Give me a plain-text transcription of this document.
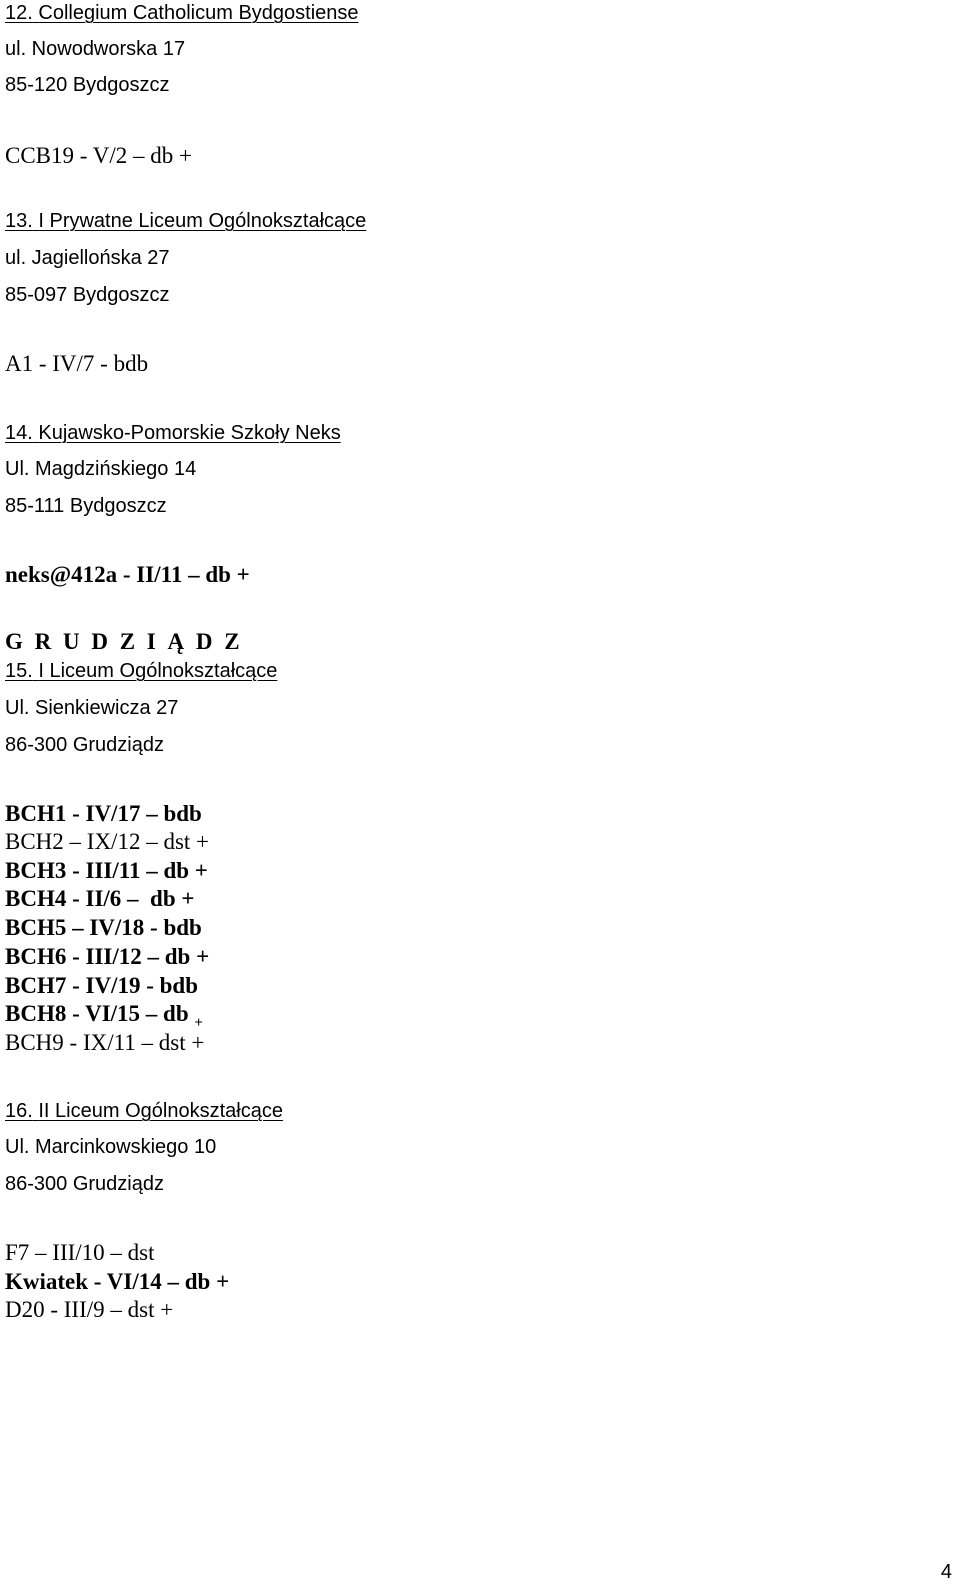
12. Collegium Catholicum Bydgostiense
ul. Nowodworska 17
85-120 Bydgoszcz
CCB19 - V/2 – db +
13. I Prywatne Liceum Ogólnokształcące
ul. Jagiellońska 27
85-097 Bydgoszcz
A1 - IV/7 - bdb
14. Kujawsko-Pomorskie Szkoły Neks
Ul. Magdzińskiego 14
85-111 Bydgoszcz
neks@412a - II/11 – db +
G R U D Z I Ą D Z
15. I Liceum Ogólnokształcące
Ul. Sienkiewicza 27
86-300 Grudziądz
BCH1 - IV/17 – bdb
BCH2 – IX/12 – dst +
BCH3 - III/11 – db +
BCH4 - II/6 –  db +
BCH5 – IV/18 - bdb
BCH6 - III/12 – db +
BCH7 - IV/19 - bdb
BCH8 - VI/15 – db $_+$
BCH9 - IX/11 – dst +
16. II Liceum Ogólnokształcące
Ul. Marcinkowskiego 10
86-300 Grudziądz
F7 – III/10 – dst
Kwiatek - VI/14 – db +
D20 - III/9 – dst +
4
